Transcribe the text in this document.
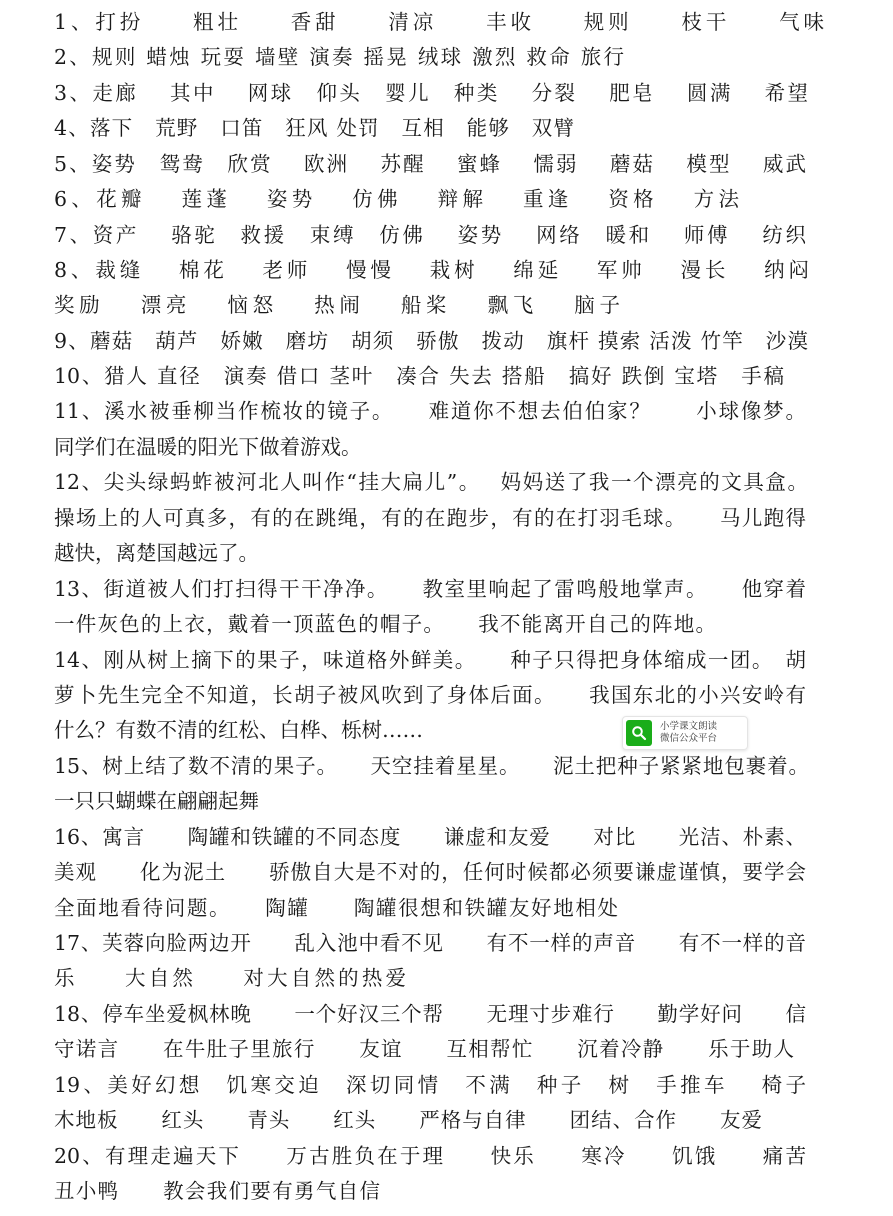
1、打扮　　粗壮　　香甜　　清凉　　丰收　　规则　　枝干　　气味
2、规则 蜡烛 玩耍 墙壁 演奏 摇晃 绒球 激烈 救命 旅行
3、走廊　 其中　 网球　仰头　婴儿　种类　 分裂　 肥皂　 圆满　 希望
4、落下　荒野　口笛　狂风 处罚　互相　能够　双臂
5、姿势　鸳鸯　欣赏　 欧洲　 苏醒　 蜜蜂　 懦弱　 蘑菇　 模型　 威武
6、花瓣　 莲蓬　 姿势　 仿佛　 辩解　 重逢　 资格　 方法
7、资产　 骆驼　救援　束缚　仿佛　 姿势　 网络　暖和　 师傅　 纺织
8、裁缝　 棉花　 老师　 慢慢　 栽树　 绵延　 军帅　 漫长　 纳闷
奖励　 漂亮　 恼怒　 热闹　 船桨　 飘飞　 脑子
9、蘑菇　葫芦　娇嫩　磨坊　胡须　骄傲　拨动　旗杆 摸索 活泼 竹竿　沙漠
10、猎人 直径　演奏 借口 茎叶　凑合 失去 搭船　搞好 跌倒 宝塔　手稿
11、溪水被垂柳当作梳妆的镜子。　　难道你不想去伯伯家？　　小球像梦。
同学们在温暖的阳光下做着游戏。
12、尖头绿蚂蚱被河北人叫作“挂大扁儿”。　 妈妈送了我一个漂亮的文具盒。
操场上的人可真多，有的在跳绳，有的在跑步，有的在打羽毛球。　　马儿跑得
越快，离楚国越远了。
13、街道被人们打扫得干干净净。　　教室里响起了雷鸣般地掌声。　　他穿着
一件灰色的上衣，戴着一顶蓝色的帽子。　　我不能离开自己的阵地。
14、刚从树上摘下的果子，味道格外鲜美。　　种子只得把身体缩成一团。　胡
萝卜先生完全不知道，长胡子被风吹到了身体后面。　　我国东北的小兴安岭有
什么？有数不清的红松、白桦、栎树……
15、树上结了数不清的果子。　　天空挂着星星。　　泥土把种子紧紧地包裹着。
一只只蝴蝶在翩翩起舞
16、寓言　　陶罐和铁罐的不同态度　　谦虚和友爱　　对比　　光洁、朴素、
美观　　化为泥土　　骄傲自大是不对的，任何时候都必须要谦虚谨慎，要学会
全面地看待问题。　　陶罐　　陶罐很想和铁罐友好地相处
17、芙蓉向脸两边开　　乱入池中看不见　　有不一样的声音　　有不一样的音
乐　　大自然　　对大自然的热爱
18、停车坐爱枫林晚　　一个好汉三个帮　　无理寸步难行　　勤学好问　　信
守诺言　　在牛肚子里旅行　　友谊　　互相帮忙　　沉着冷静　　乐于助人
19、美好幻想　饥寒交迫　深切同情　不满　种子　树　手推车　 椅子
木地板　　红头　　青头　　红头　　严格与自律　　团结、合作　　友爱
20、有理走遍天下　　万古胜负在于理　　快乐　　寒冷　　饥饿　　痛苦
丑小鸭　　教会我们要有勇气自信
小学课文朗读
微信公众平台
